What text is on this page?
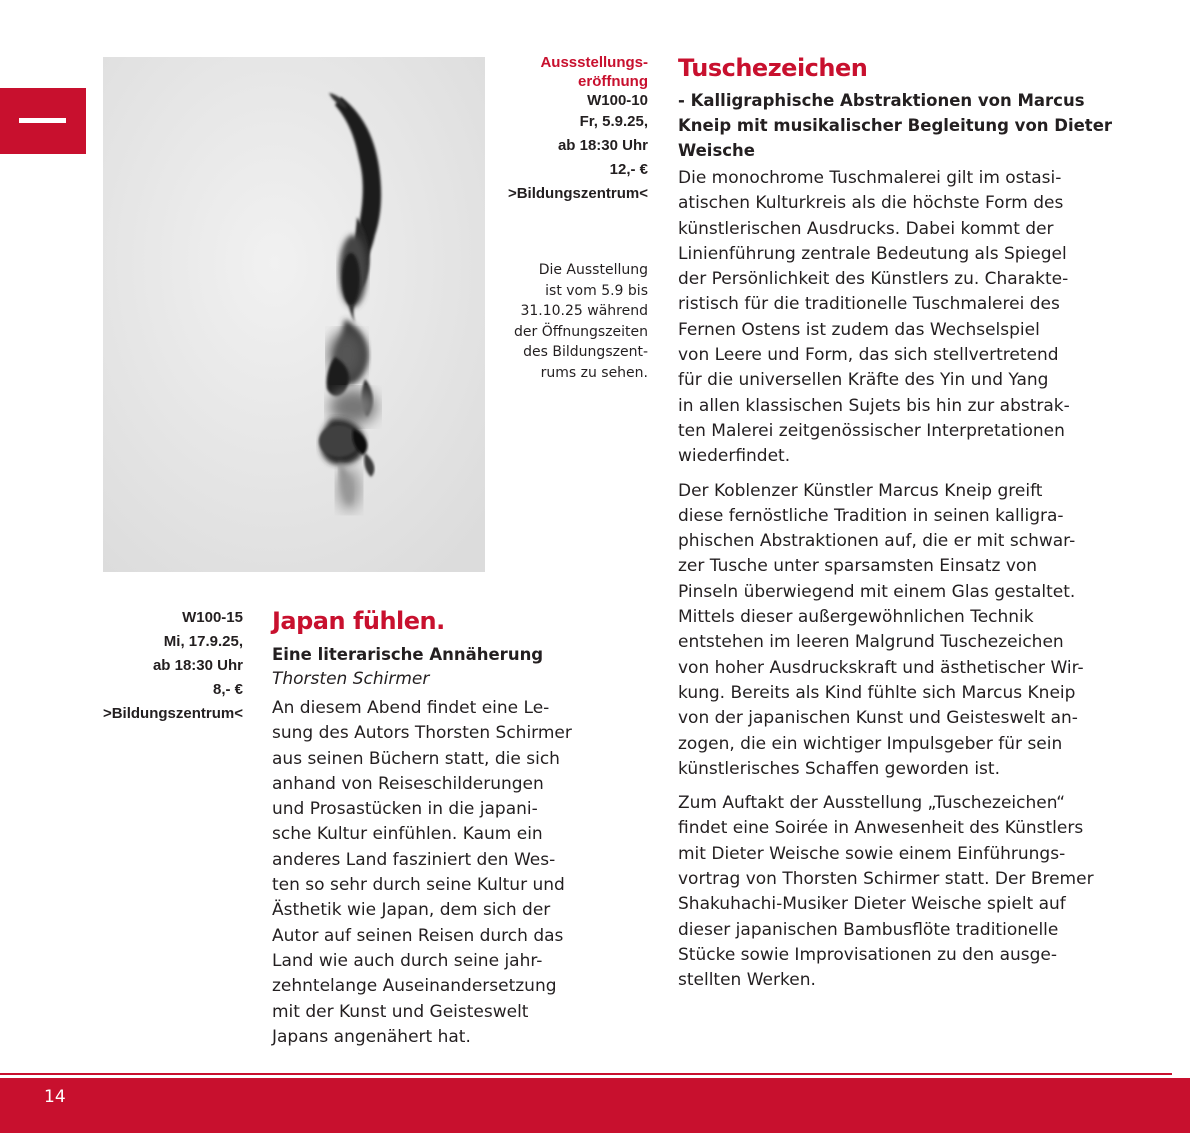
Aussstellungs-
eröffnung
W100-10
Fr, 5.9.25,
ab 18:30 Uhr
12,- €
>Bildungszentrum<
Die Ausstellung
ist vom 5.9 bis
31.10.25 während
der Öffnungszeiten
des Bildungszent-
rums zu sehen.
Tuschezeichen
- Kalligraphische Abstraktionen von Marcus
Kneip mit musikalischer Begleitung von Dieter
Weische
Die monochrome Tuschmalerei gilt im ostasi-
atischen Kulturkreis als die höchste Form des
künstlerischen Ausdrucks. Dabei kommt der
Linienführung zentrale Bedeutung als Spiegel
der Persönlichkeit des Künstlers zu. Charakte-
ristisch für die traditionelle Tuschmalerei des
Fernen Ostens ist zudem das Wechselspiel
von Leere und Form, das sich stellvertretend
für die universellen Kräfte des Yin und Yang
in allen klassischen Sujets bis hin zur abstrak-
ten Malerei zeitgenössischer Interpretationen
wiederfindet.
Der Koblenzer Künstler Marcus Kneip greift
diese fernöstliche Tradition in seinen kalligra-
phischen Abstraktionen auf, die er mit schwar-
zer Tusche unter sparsamsten Einsatz von
Pinseln überwiegend mit einem Glas gestaltet.
Mittels dieser außergewöhnlichen Technik
entstehen im leeren Malgrund Tuschezeichen
von hoher Ausdruckskraft und ästhetischer Wir-
kung. Bereits als Kind fühlte sich Marcus Kneip
von der japanischen Kunst und Geisteswelt an-
zogen, die ein wichtiger Impulsgeber für sein
künstlerisches Schaffen geworden ist.
Zum Auftakt der Ausstellung „Tuschezeichen“
findet eine Soirée in Anwesenheit des Künstlers
mit Dieter Weische sowie einem Einführungs-
vortrag von Thorsten Schirmer statt. Der Bremer
Shakuhachi-Musiker Dieter Weische spielt auf
dieser japanischen Bambusflöte traditionelle
Stücke sowie Improvisationen zu den ausge-
stellten Werken.
W100-15
Mi, 17.9.25,
ab 18:30 Uhr
8,- €
>Bildungszentrum<
Japan fühlen.
Eine literarische Annäherung
Thorsten Schirmer
An diesem Abend findet eine Le-
sung des Autors Thorsten Schirmer
aus seinen Büchern statt, die sich
anhand von Reiseschilderungen
und Prosastücken in die japani-
sche Kultur einfühlen. Kaum ein
anderes Land fasziniert den Wes-
ten so sehr durch seine Kultur und
Ästhetik wie Japan, dem sich der
Autor auf seinen Reisen durch das
Land wie auch durch seine jahr-
zehntelange Auseinandersetzung
mit der Kunst und Geisteswelt
Japans angenähert hat.
14
